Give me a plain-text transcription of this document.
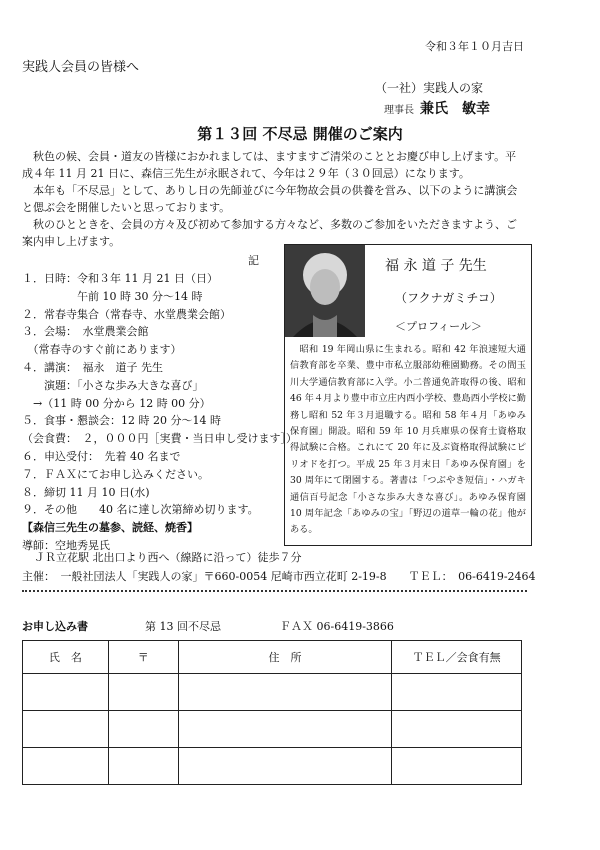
令和３年１０月吉日
実践人会員の皆様へ
（一社）実践人の家
理事長 兼氏　敏幸
第１３回 不尽忌 開催のご案内
　秋色の候、会員・道友の皆様におかれましては、ますますご清栄のこととお慶び申し上げます。平成４年 11 月 21 日に、森信三先生が永眠されて、今年は２９年（３０回忌）になります。
　本年も「不尽忌」として、ありし日の先師並びに今年物故会員の供養を営み、以下のように講演会と偲ぶ会を開催したいと思っております。
　秋のひとときを、会員の方々及び初めて参加する方々など、多数のご参加をいただきますよう、ご案内申し上げます。
記
１．日時：令和３年 11 月 21 日（日）
　　　　　午前 10 時 30 分～14 時
２．常春寺集合（常春寺、水堂農業会館）
３．会場：　水堂農業会館
　（常春寺のすぐ前にあります）
４．講演：　福永　道子 先生
　　演題：「小さな歩み大きな喜び」
　→（11 時 00 分から 12 時 00 分）
５．食事・懇談会：12 時 20 分～14 時
（会食費：　２，０００円［実費・当日申し受けます］）
６．申込受付：　先着 40 名まで
７．ＦＡＸにてお申し込みください。
８．締切 11 月 10 日(水)
９．その他　　40 名に達し次第締め切ります。
【森信三先生の墓参、読経、焼香】
導師：空地秀晃氏
福 永 道 子 先生
（フクナガミチコ）
＜プロフィール＞
　昭和 19 年岡山県に生まれる。昭和 42 年浪速短大通信教育部を卒業、豊中市私立服部幼稚園勤務。その間玉川大学通信教育部に入学。小二普通免許取得の後、昭和 46 年４月より豊中市立庄内西小学校、豊島西小学校に勤務し昭和 52 年３月退職する。昭和 58 年４月「あゆみ保育園」開設。昭和 59 年 10 月兵庫県の保育士資格取得試験に合格。これにて 20 年に及ぶ資格取得試験にピリオドを打つ。平成 25 年３月末日「あゆみ保育園」を 30 周年にて閉園する。著書は「つぶやき短信」・ハガキ通信百号記念「小さな歩み大きな喜び」。あゆみ保育園 10 周年記念「あゆみの宝」「野辺の道草一輪の花」他がある。
ＪＲ立花駅 北出口より西へ（線路に沿って）徒歩７分
主催：　一般社団法人「実践人の家」〒660-0054 尼崎市西立花町 2-19-8　　ＴＥＬ：　06-6419-2464
お申し込み書	第 13 回不尽忌	ＦＡＸ 06-6419-3866
氏　名	〒	住　所	ＴＥＬ／会食有無
